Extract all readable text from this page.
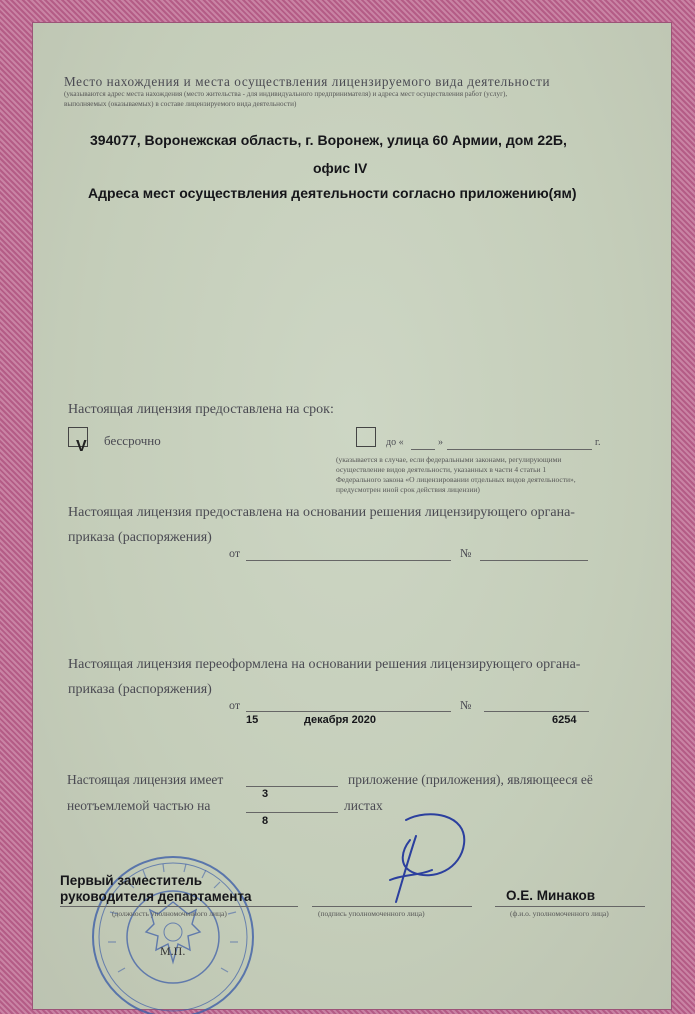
Место нахождения и места осуществления лицензируемого вида деятельности
(указываются адрес места нахождения (место жительства - для индивидуального предпринимателя) и адреса мест осуществления работ (услуг),
выполняемых (оказываемых) в составе лицензируемого вида деятельности)
394077, Воронежская область, г. Воронеж, улица 60 Армии, дом 22Б,
офис IV
Адреса мест осуществления деятельности согласно приложению(ям)
Настоящая лицензия предоставлена на срок:
V бессрочно	до «	»	г.
(указывается в случае, если федеральными законами, регулирующими
осуществление видов деятельности, указанных в части 4 статьи 1
Федерального закона «О лицензировании отдельных видов деятельности»,
предусмотрен иной срок действия лицензии)
Настоящая лицензия предоставлена на основании решения лицензирующего органа-
приказа (распоряжения)
от	№
Настоящая лицензия переоформлена на основании решения лицензирующего органа-
приказа (распоряжения)
от	№
15	декабря 2020	6254
Настоящая лицензия имеет	приложение (приложения), являющееся её
3
неотъемлемой частью на	листах
8
М.П.
Первый заместитель
руководителя департамента
(должность уполномоченного лица)	(подпись уполномоченного лица)
О.Е. Минаков
(ф.и.о. уполномоченного лица)
